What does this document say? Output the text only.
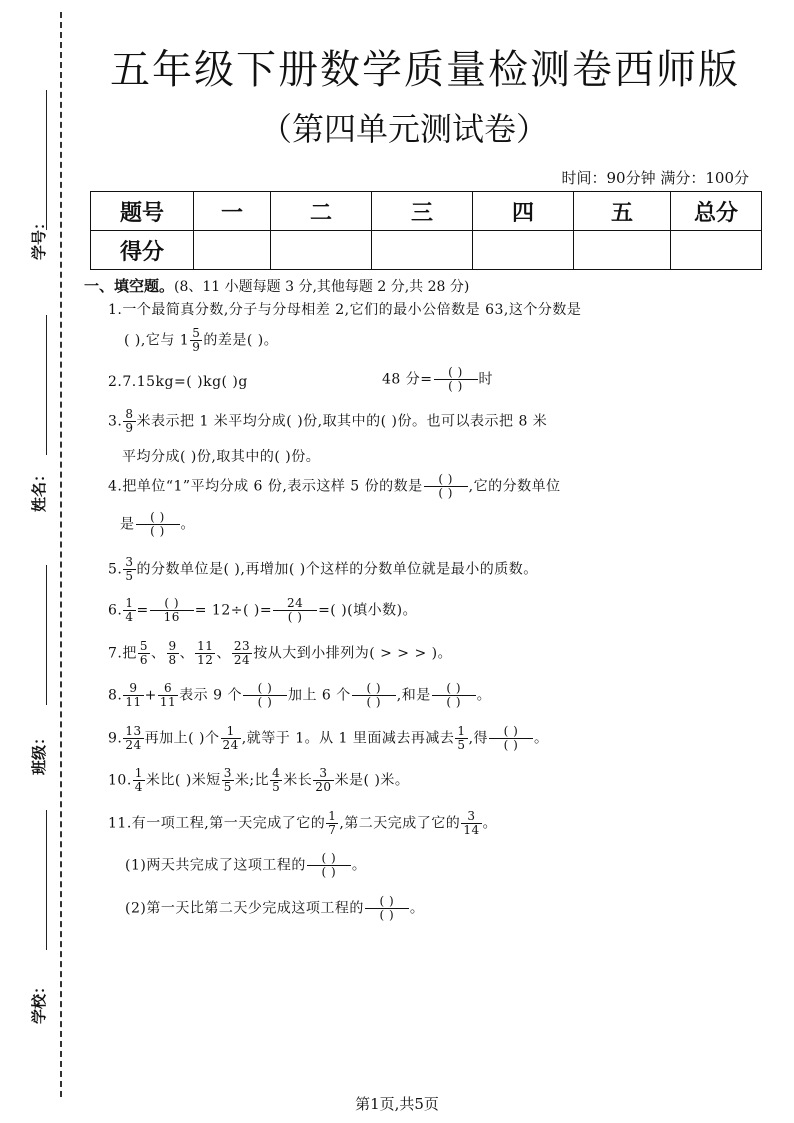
学号：
姓名：
班级：
学校：
五年级下册数学质量检测卷西师版
（第四单元测试卷）
时间：90分钟 满分：100分
题号	一	二	三	四	五	总分
得分						
一、填空题。(8、11 小题每题 3 分,其他每题 2 分,共 28 分)
1.一个最简真分数,分子与分母相差 2,它们的最小公倍数是 63,这个分数是
( ),它与 $1 \frac{5}{9}$ 的差是( )。
2.7.15kg=( )kg( )g	48 分= $\frac{( )}{( )}$ 时
3. $\frac{8}{9}$ 米表示把 1 米平均分成( )份,取其中的( )份。也可以表示把 8 米
平均分成( )份,取其中的( )份。
4.把单位“1”平均分成 6 份,表示这样 5 份的数是 $\frac{( )}{( )}$ ,它的分数单位
是 $\frac{( )}{( )}$ 。
5. $\frac{3}{5}$ 的分数单位是( ),再增加( )个这样的分数单位就是最小的质数。
6. $\frac{1}{4} = \frac{( )}{16} = 12\div$( )= $\frac{24}{( )}$ =( )(填小数)。
7.把 $\frac{5}{6}$ 、 $\frac{9}{8}$ 、 $\frac{11}{12}$ 、 $\frac{23}{24}$ 按从大到小排列为( > > > )。
8. $\frac{9}{11} + \frac{6}{11}$ 表示 9 个 $\frac{( )}{( )}$ 加上 6 个 $\frac{( )}{( )}$ ,和是 $\frac{( )}{( )}$ 。
9. $\frac{13}{24}$ 再加上( )个 $\frac{1}{24}$ ,就等于 1。从 1 里面减去再减去 $\frac{1}{5}$ ,得 $\frac{( )}{( )}$ 。
10. $\frac{1}{4}$ 米比( )米短 $\frac{3}{5}$ 米;比 $\frac{4}{5}$ 米长 $\frac{3}{20}$ 米是( )米。
11.有一项工程,第一天完成了它的 $\frac{1}{7}$ ,第二天完成了它的 $\frac{3}{14}$ 。
(1)两天共完成了这项工程的 $\frac{( )}{( )}$ 。
(2)第一天比第二天少完成这项工程的 $\frac{( )}{( )}$ 。
第1页,共5页
